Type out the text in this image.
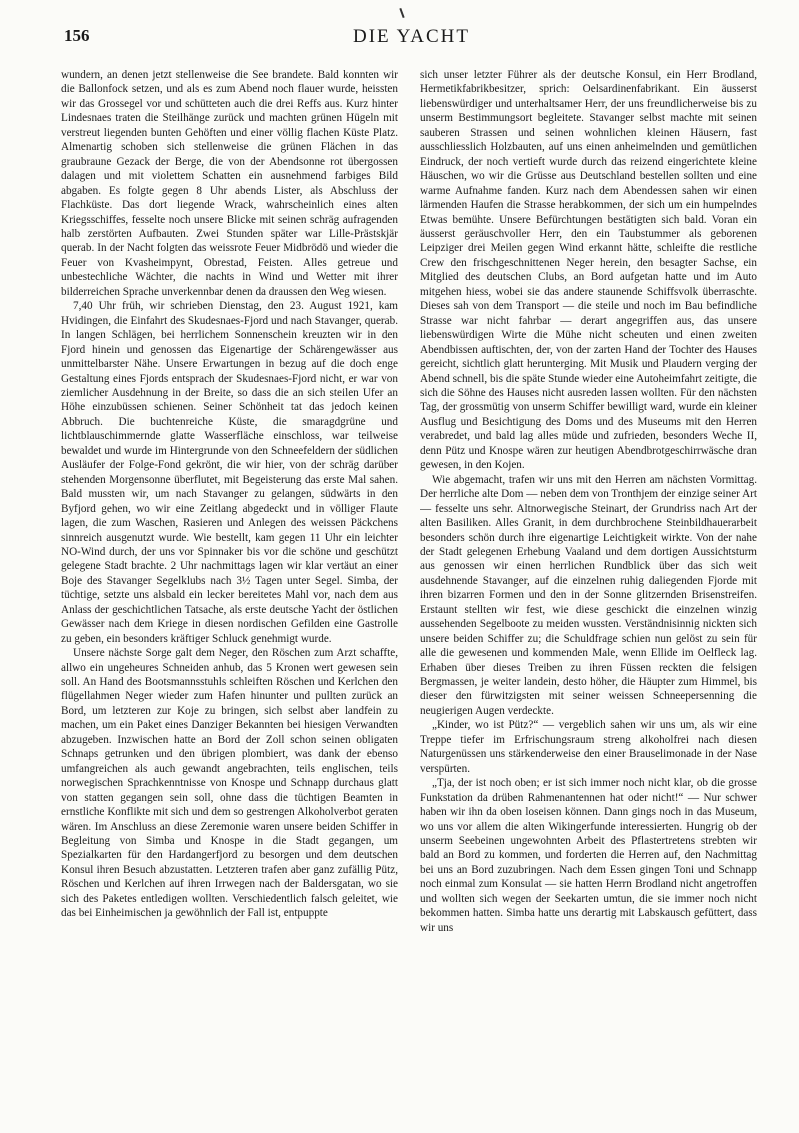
156	DIE YACHT

wundern, an denen jetzt stellenweise die See brandete. Bald konnten wir die Ballonfock setzen, und als es zum Abend noch flauer wurde, heissten wir das Grossegel vor und schütteten auch die drei Reffs aus. Kurz hinter Lindesnaes traten die Steilhänge zurück und machten grünen Hügeln mit verstreut liegenden bunten Gehöften und einer völlig flachen Küste Platz. Almenartig schoben sich stellenweise die grünen Flächen in das graubraune Gezack der Berge, die von der Abendsonne rot übergossen dalagen und mit violettem Schatten ein ausnehmend farbiges Bild abgaben. Es folgte gegen 8 Uhr abends Lister, als Abschluss der Flachküste. Das dort liegende Wrack, wahrscheinlich eines alten Kriegsschiffes, fesselte noch unsere Blicke mit seinen schräg aufragenden halb zerstörten Aufbauten. Zwei Stunden später war Lille-Prästskjär querab. In der Nacht folgten das weissrote Feuer Midbrödö und wieder die Feuer von Kvasheimpynt, Obrestad, Feisten. Alles getreue und unbestechliche Wächter, die nachts in Wind und Wetter mit ihrer bilderreichen Sprache unverkennbar denen da draussen den Weg wiesen.

7,40 Uhr früh, wir schrieben Dienstag, den 23. August 1921, kam Hvidingen, die Einfahrt des Skudesnaes-Fjord und nach Stavanger, querab. In langen Schlägen, bei herrlichem Sonnenschein kreuzten wir in den Fjord hinein und genossen das Eigenartige der Schärengewässer aus unmittelbarster Nähe. Unsere Erwartungen in bezug auf die doch enge Gestaltung eines Fjords entsprach der Skudesnaes-Fjord nicht, er war von ziemlicher Ausdehnung in der Breite, so dass die an sich steilen Ufer an Höhe einzubüssen schienen. Seiner Schönheit tat das jedoch keinen Abbruch. Die buchtenreiche Küste, die smaragdgrüne und lichtblauschimmernde glatte Wasserfläche einschloss, war teilweise bewaldet und wurde im Hintergrunde von den Schneefeldern der südlichen Ausläufer der Folge-Fond gekrönt, die wir hier, von der schräg darüber stehenden Morgensonne überflutet, mit Begeisterung das erste Mal sahen. Bald mussten wir, um nach Stavanger zu gelangen, südwärts in den Byfjord gehen, wo wir eine Zeitlang abgedeckt und in völliger Flaute lagen, die zum Waschen, Rasieren und Anlegen des weissen Päckchens sinnreich ausgenutzt wurde. Wie bestellt, kam gegen 11 Uhr ein leichter NO-Wind durch, der uns vor Spinnaker bis vor die schöne und geschützt gelegene Stadt brachte. 2 Uhr nachmittags lagen wir klar vertäut an einer Boje des Stavanger Segelklubs nach 3½ Tagen unter Segel. Simba, der tüchtige, setzte uns alsbald ein lecker bereitetes Mahl vor, nach dem aus Anlass der geschichtlichen Tatsache, als erste deutsche Yacht der östlichen Gewässer nach dem Kriege in diesen nordischen Gefilden eine Gastrolle zu geben, ein besonders kräftiger Schluck genehmigt wurde.

Unsere nächste Sorge galt dem Neger, den Röschen zum Arzt schaffte, allwo ein ungeheures Schneiden anhub, das 5 Kronen wert gewesen sein soll. An Hand des Bootsmannsstuhls schleiften Röschen und Kerlchen den flügellahmen Neger wieder zum Hafen hinunter und pullten zurück an Bord, um letzteren zur Koje zu bringen, sich selbst aber landfein zu machen, um ein Paket eines Danziger Bekannten bei hiesigen Verwandten abzugeben. Inzwischen hatte an Bord der Zoll schon seinen obligaten Schnaps getrunken und den übrigen plombiert, was dank der ebenso umfangreichen als auch gewandt angebrachten, teils englischen, teils norwegischen Sprachkenntnisse von Knospe und Schnapp durchaus glatt von statten gegangen sein soll, ohne dass die tüchtigen Beamten in ernstliche Konflikte mit sich und dem so gestrengen Alkoholverbot geraten wären. Im Anschluss an diese Zeremonie waren unsere beiden Schiffer in Begleitung von Simba und Knospe in die Stadt gegangen, um Spezialkarten für den Hardangerfjord zu besorgen und dem deutschen Konsul ihren Besuch abzustatten. Letzteren trafen aber ganz zufällig Pütz, Röschen und Kerlchen auf ihren Irrwegen nach der Baldersgatan, wo sie sich des Paketes entledigen wollten. Verschiedentlich falsch geleitet, wie das bei Einheimischen ja gewöhnlich der Fall ist, entpuppte

sich unser letzter Führer als der deutsche Konsul, ein Herr Brodland, Hermetikfabrikbesitzer, sprich: Oelsardinenfabrikant. Ein äusserst liebenswürdiger und unterhaltsamer Herr, der uns freundlicherweise bis zu unserm Bestimmungsort begleitete. Stavanger selbst machte mit seinen sauberen Strassen und seinen wohnlichen kleinen Häusern, fast ausschliesslich Holzbauten, auf uns einen anheimelnden und gemütlichen Eindruck, der noch vertieft wurde durch das reizend eingerichtete kleine Häuschen, wo wir die Grüsse aus Deutschland bestellen sollten und eine warme Aufnahme fanden. Kurz nach dem Abendessen sahen wir einen lärmenden Haufen die Strasse herabkommen, der sich um ein humpelndes Etwas bemühte. Unsere Befürchtungen bestätigten sich bald. Voran ein äusserst geräuschvoller Herr, den ein Taubstummer als geborenen Leipziger drei Meilen gegen Wind erkannt hätte, schleifte die restliche Crew den frischgeschnittenen Neger herein, den besagter Sachse, ein Mitglied des deutschen Clubs, an Bord aufgetan hatte und im Auto mitgehen hiess, wobei sie das andere staunende Schiffsvolk überraschte. Dieses sah von dem Transport — die steile und noch im Bau befindliche Strasse war nicht fahrbar — derart angegriffen aus, das unsere liebenswürdigen Wirte die Mühe nicht scheuten und einen zweiten Abendbissen auftischten, der, von der zarten Hand der Tochter des Hauses gereicht, sichtlich glatt herunterging. Mit Musik und Plaudern verging der Abend schnell, bis die späte Stunde wieder eine Autoheimfahrt zeitigte, die sich die Söhne des Hauses nicht ausreden lassen wollten. Für den nächsten Tag, der grossmütig von unserm Schiffer bewilligt ward, wurde ein kleiner Ausflug und Besichtigung des Doms und des Museums mit den Herren verabredet, und bald lag alles müde und zufrieden, besonders Weche II, denn Pütz und Knospe wären zur heutigen Abendbrotgeschirrwäsche dran gewesen, in den Kojen.

Wie abgemacht, trafen wir uns mit den Herren am nächsten Vormittag. Der herrliche alte Dom — neben dem von Tronthjem der einzige seiner Art — fesselte uns sehr. Altnorwegische Steinart, der Grundriss nach Art der alten Basiliken. Alles Granit, in dem durchbrochene Steinbildhauerarbeit besonders schön durch ihre eigenartige Leichtigkeit wirkte. Von der nahe der Stadt gelegenen Erhebung Vaaland und dem dortigen Aussichtsturm aus genossen wir einen herrlichen Rundblick über das sich weit ausdehnende Stavanger, auf die einzelnen ruhig daliegenden Fjorde mit ihren bizarren Formen und den in der Sonne glitzernden Brisenstreifen. Erstaunt stellten wir fest, wie diese geschickt die einzelnen winzig aussehenden Segelboote zu meiden wussten. Verständnisinnig nickten sich unsere beiden Schiffer zu; die Schuldfrage schien nun gelöst zu sein für alle die gewesenen und kommenden Male, wenn Ellide im Oelfleck lag. Erhaben über dieses Treiben zu ihren Füssen reckten die felsigen Bergmassen, je weiter landein, desto höher, die Häupter zum Himmel, bis dieser den fürwitzigsten mit seiner weissen Schneepersenning die neugierigen Augen verdeckte.

„Kinder, wo ist Pütz?“ — vergeblich sahen wir uns um, als wir eine Treppe tiefer im Erfrischungsraum streng alkoholfrei nach diesen Naturgenüssen uns stärkenderweise den einer Brauselimonade in der Nase verspürten.

„Tja, der ist noch oben; er ist sich immer noch nicht klar, ob die grosse Funkstation da drüben Rahmenantennen hat oder nicht!“ — Nur schwer haben wir ihn da oben loseisen können. Dann gings noch in das Museum, wo uns vor allem die alten Wikingerfunde interessierten. Hungrig ob der unserm Seebeinen ungewohnten Arbeit des Pflastertretens strebten wir bald an Bord zu kommen, und forderten die Herren auf, den Nachmittag bei uns an Bord zuzubringen. Nach dem Essen gingen Toni und Schnapp noch einmal zum Konsulat — sie hatten Herrn Brodland nicht angetroffen und wollten sich wegen der Seekarten umtun, die sie immer noch nicht bekommen hatten. Simba hatte uns derartig mit Labskausch gefüttert, dass wir uns
